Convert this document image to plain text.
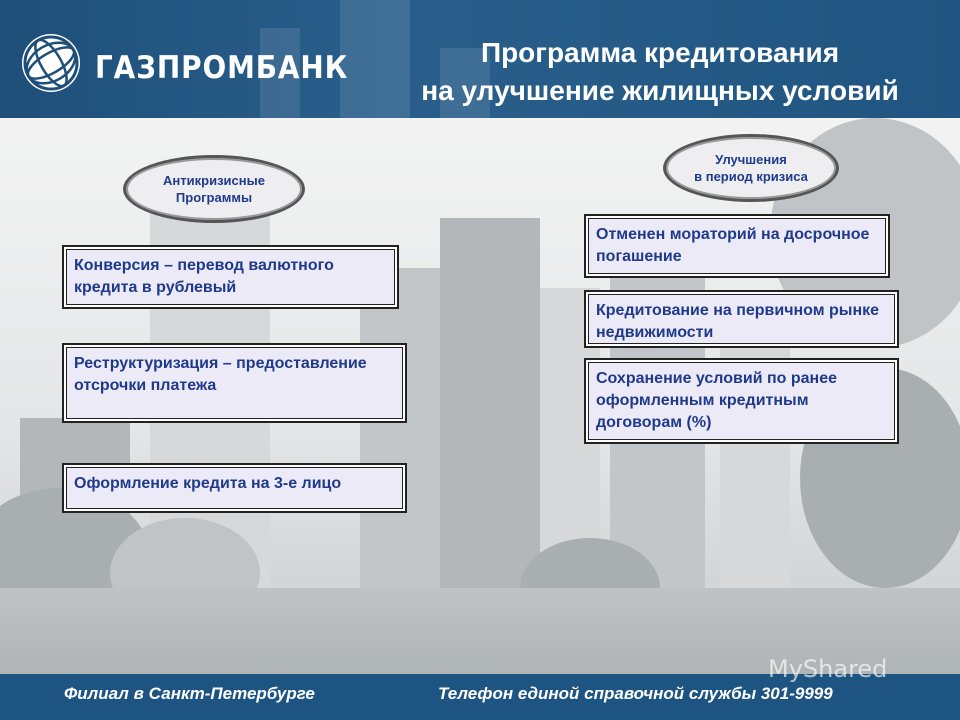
ГАЗПРОМБАНК	Программа кредитования
на улучшение жилищных условий
Антикризисные
Программы
Улучшения
в период кризиса
Конверсия – перевод валютного кредита в рублевый
Реструктуризация – предоставление отсрочки платежа
Оформление кредита на 3-е лицо
Отменен мораторий на досрочное погашение
Кредитование на первичном рынке недвижимости
Сохранение условий по ранее оформленным кредитным договорам (%)
Филиал в Санкт-Петербурге	Телефон единой справочной службы 301-9999
MyShared
